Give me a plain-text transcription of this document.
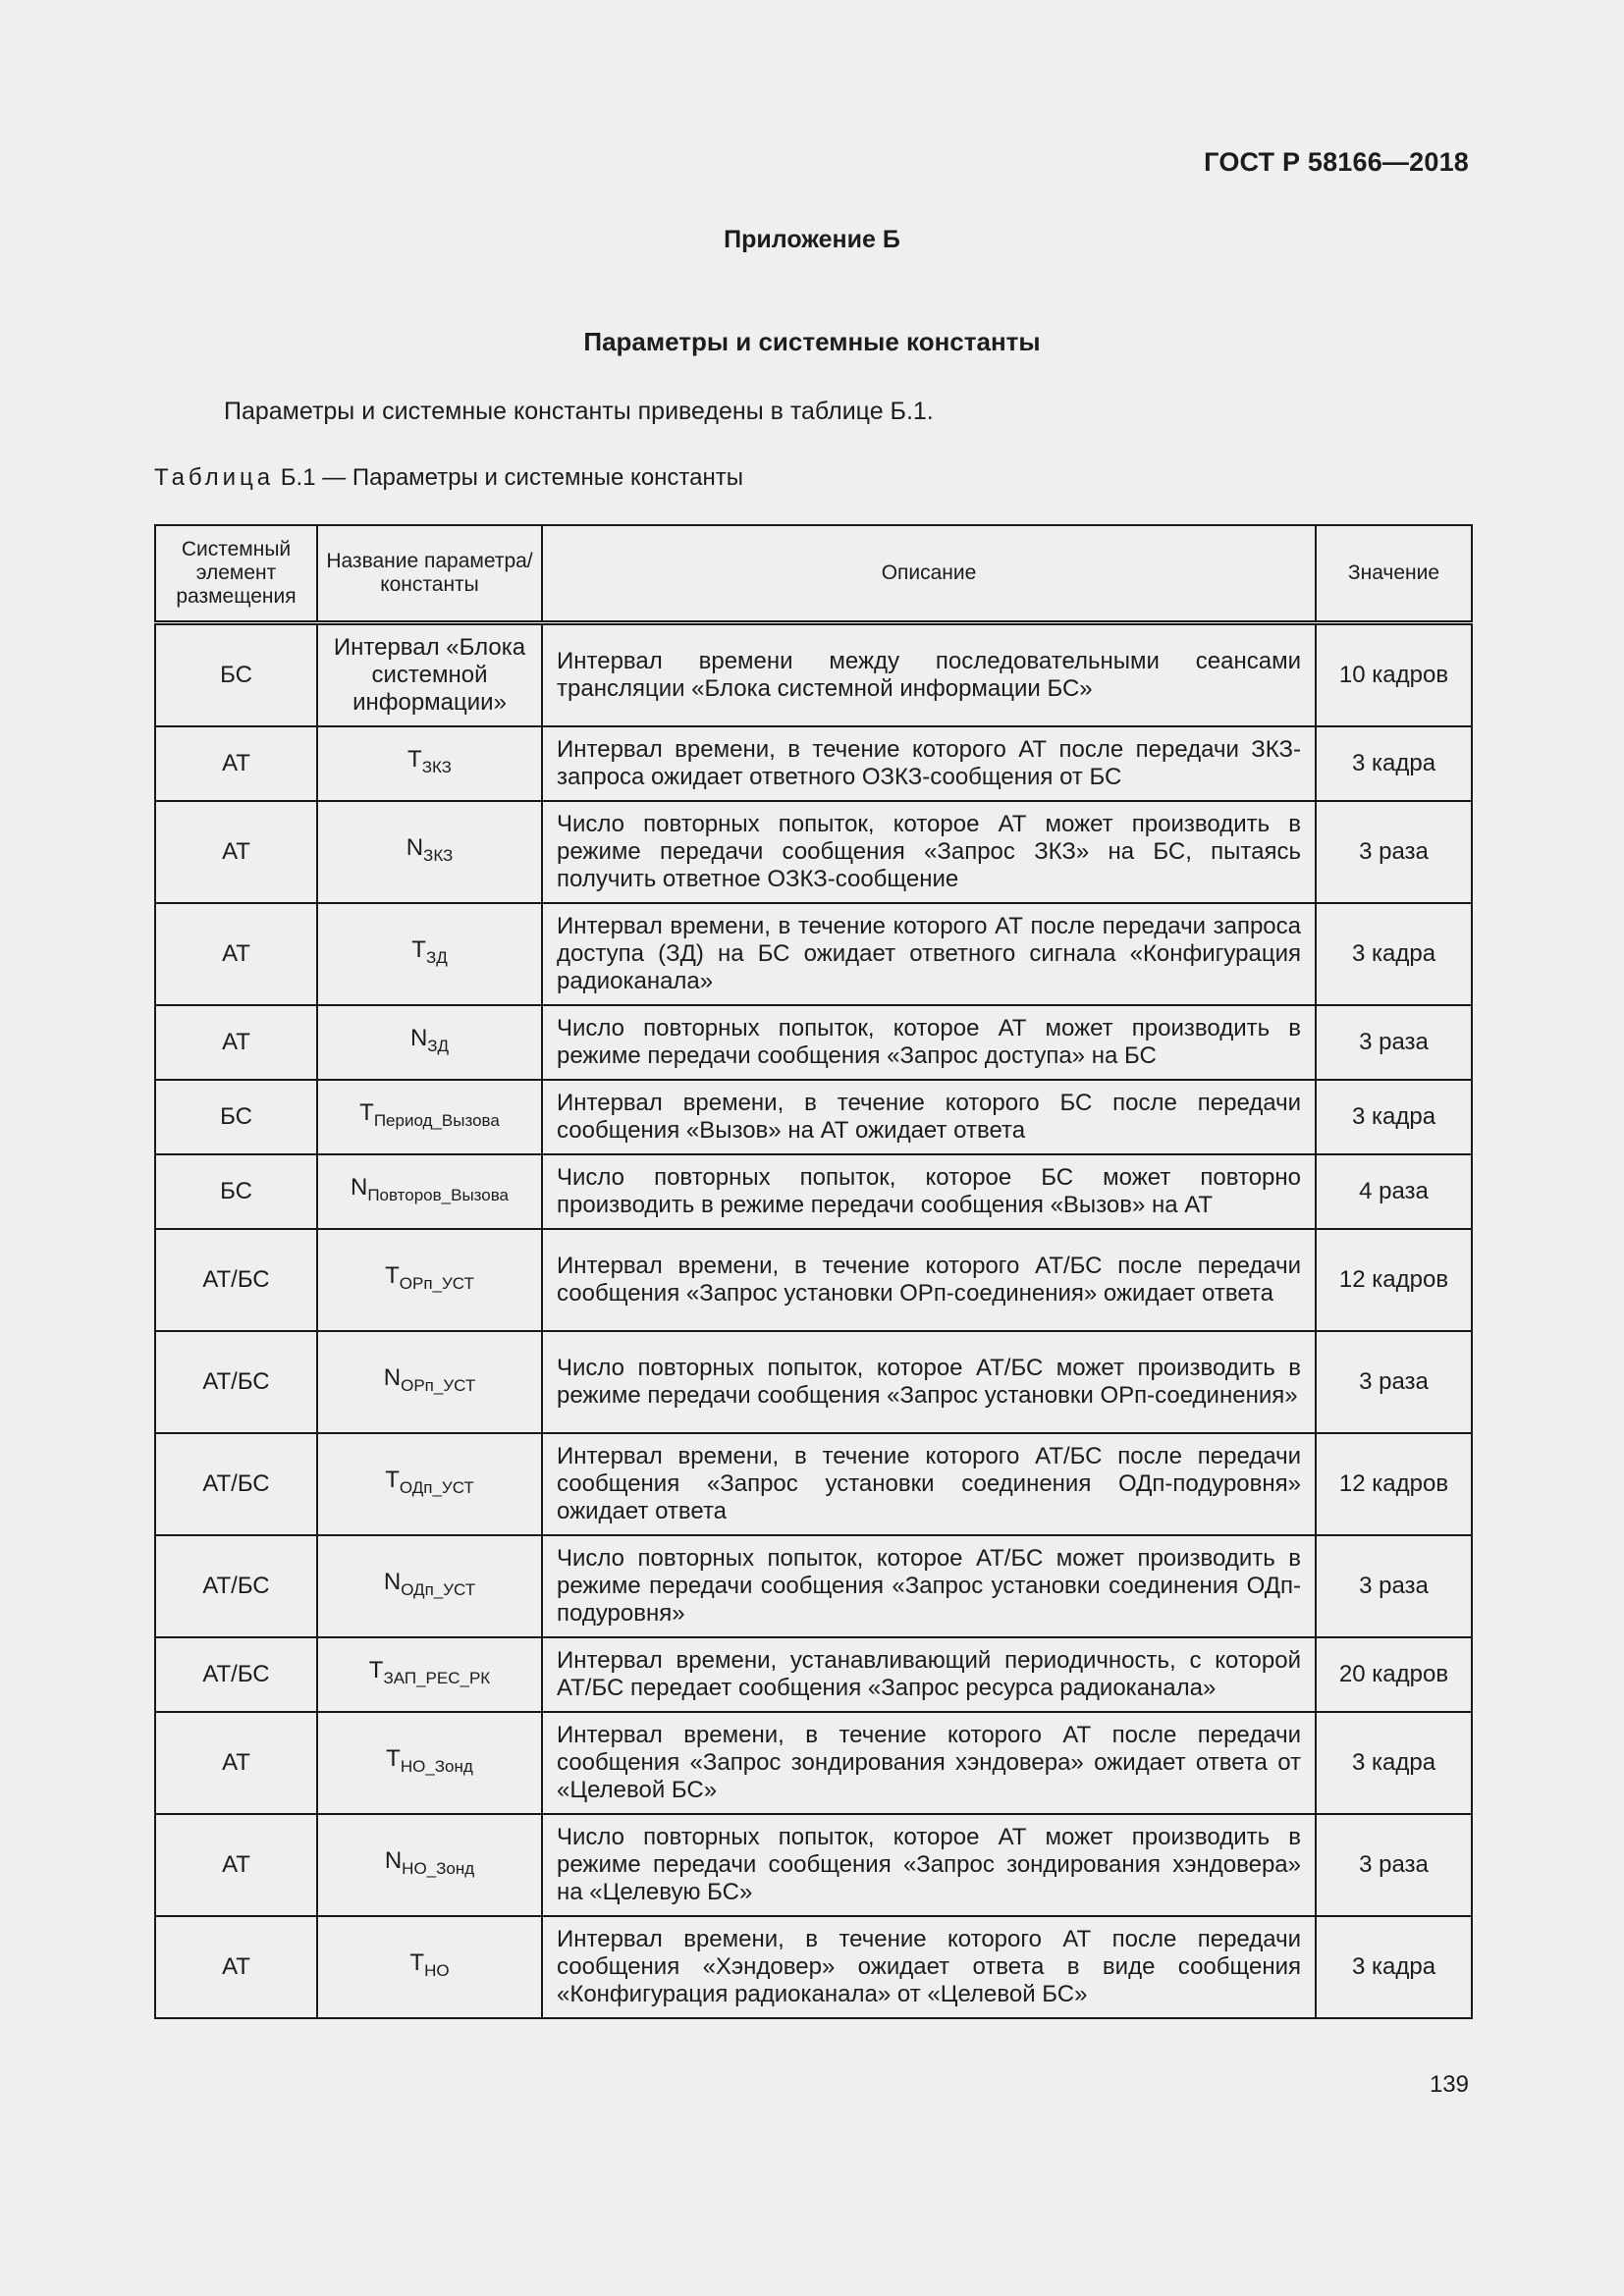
ГОСТ Р 58166—2018
Приложение Б
Параметры и системные константы
Параметры и системные константы приведены в таблице Б.1.
Таблица Б.1 — Параметры и системные константы
Системный элемент размещения	Название параметра/ константы	Описание	Значение
БС	Интервал «Блока системной информации»	Интервал времени между последовательными сеансами трансляции «Блока системной информации БС»	10 кадров
АТ	$T_{ЗКЗ}$	Интервал времени, в течение которого АТ после передачи ЗКЗ-запроса ожидает ответного ОЗКЗ-сообщения от БС	3 кадра
АТ	$N_{ЗКЗ}$	Число повторных попыток, которое АТ может производить в режиме передачи сообщения «Запрос ЗКЗ» на БС, пытаясь получить ответное ОЗКЗ-сообщение	3 раза
АТ	$T_{ЗД}$	Интервал времени, в течение которого АТ после передачи запроса доступа (ЗД) на БС ожидает ответного сигнала «Конфигурация радиоканала»	3 кадра
АТ	$N_{ЗД}$	Число повторных попыток, которое АТ может производить в режиме передачи сообщения «Запрос доступа» на БС	3 раза
БС	$T_{Период\_Вызова}$	Интервал времени, в течение которого БС после передачи сообщения «Вызов» на АТ ожидает ответа	3 кадра
БС	$N_{Повторов\_Вызова}$	Число повторных попыток, которое БС может повторно производить в режиме передачи сообщения «Вызов» на АТ	4 раза
АТ/БС	$T_{ОРп\_УСТ}$	Интервал времени, в течение которого АТ/БС после передачи сообщения «Запрос установки ОРп-соединения» ожидает ответа	12 кадров
АТ/БС	$N_{ОРп\_УСТ}$	Число повторных попыток, которое АТ/БС может производить в режиме передачи сообщения «Запрос установки ОРп-соединения»	3 раза
АТ/БС	$T_{ОДп\_УСТ}$	Интервал времени, в течение которого АТ/БС после передачи сообщения «Запрос установки соединения ОДп-подуровня» ожидает ответа	12 кадров
АТ/БС	$N_{ОДп\_УСТ}$	Число повторных попыток, которое АТ/БС может производить в режиме передачи сообщения «Запрос установки соединения ОДп-подуровня»	3 раза
АТ/БС	$T_{ЗАП\_РЕС\_РК}$	Интервал времени, устанавливающий периодичность, с которой АТ/БС передает сообщения «Запрос ресурса радиоканала»	20 кадров
АТ	$T_{НО\_Зонд}$	Интервал времени, в течение которого АТ после передачи сообщения «Запрос зондирования хэндовера» ожидает ответа от «Целевой БС»	3 кадра
АТ	$N_{НО\_Зонд}$	Число повторных попыток, которое АТ может производить в режиме передачи сообщения «Запрос зондирования хэндовера» на «Целевую БС»	3 раза
АТ	$T_{НО}$	Интервал времени, в течение которого АТ после передачи сообщения «Хэндовер» ожидает ответа в виде сообщения «Конфигурация радиоканала» от «Целевой БС»	3 кадра
139
